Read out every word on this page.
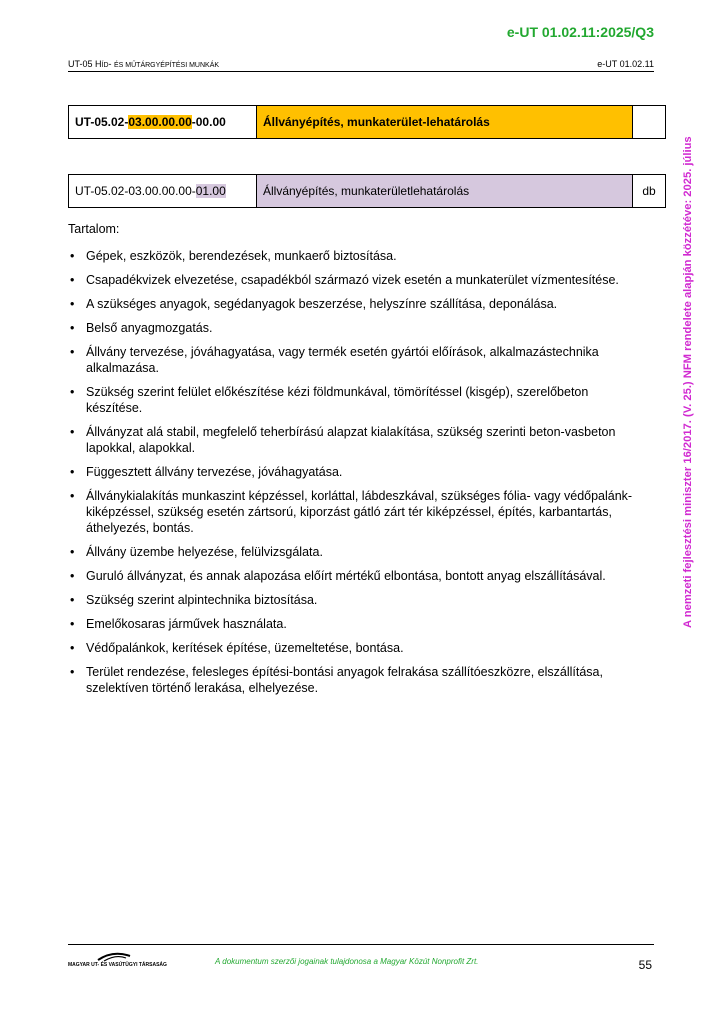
e-UT 01.02.11:2025/Q3
UT-05 HÍD- ÉS MŰTÁRGYÉPÍTÉSI MUNKÁK	e-UT 01.02.11
A nemzeti fejlesztési miniszter 16/2017. (V. 25.) NFM rendelete alapján közzétéve: 2025. július
UT-05.02-03.00.00.00-00.00	Állványépítés, munkaterület-lehatárolás	
UT-05.02-03.00.00.00-01.00	Állványépítés, munkaterületlehatárolás	db
Tartalom:
• Gépek, eszközök, berendezések, munkaerő biztosítása.
• Csapadékvizek elvezetése, csapadékból származó vizek esetén a munkaterület vízmentesítése.
• A szükséges anyagok, segédanyagok beszerzése, helyszínre szállítása, deponálása.
• Belső anyagmozgatás.
• Állvány tervezése, jóváhagyatása, vagy termék esetén gyártói előírások, alkalmazástechnika alkalmazása.
• Szükség szerint felület előkészítése kézi földmunkával, tömörítéssel (kisgép), szerelőbeton készítése.
• Állványzat alá stabil, megfelelő teherbírású alapzat kialakítása, szükség szerinti beton-vasbeton lapokkal, alapokkal.
• Függesztett állvány tervezése, jóváhagyatása.
• Állványkialakítás munkaszint képzéssel, korláttal, lábdeszkával, szükséges fólia- vagy védőpalánk-kiképzéssel, szükség esetén zártsorú, kiporzást gátló zárt tér kiképzéssel, építés, karbantartás, áthelyezés, bontás.
• Állvány üzembe helyezése, felülvizsgálata.
• Guruló állványzat, és annak alapozása előírt mértékű elbontása, bontott anyag elszállításával.
• Szükség szerint alpintechnika biztosítása.
• Emelőkosaras járművek használata.
• Védőpalánkok, kerítések építése, üzemeltetése, bontása.
• Terület rendezése, felesleges építési-bontási anyagok felrakása szállítóeszközre, elszállítása, szelektíven történő lerakása, elhelyezése.
MAGYAR UT- ÉS VASÚTÜGYI TÁRSASÁG	A dokumentum szerzői jogainak tulajdonosa a Magyar Közút Nonprofit Zrt.	55
